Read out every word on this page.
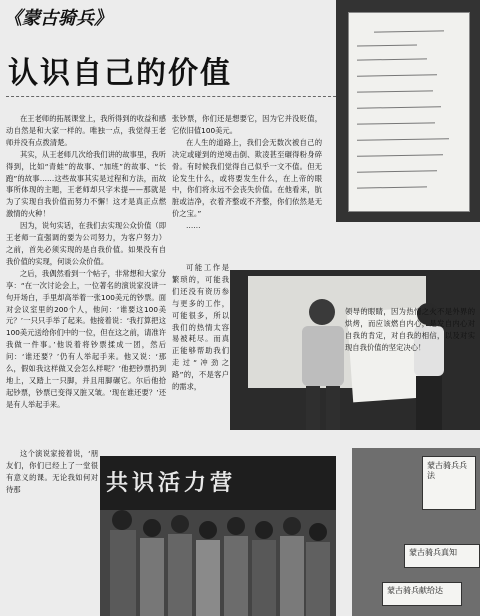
《蒙古骑兵》
认识自己的价值

在王老师的拓展课堂上，我所得到的收益和感动自然是和大家一样的。唯独一点，我觉得王老师并没有点拨清楚。

其实，从王老师几次给我们讲的故事里，我听得到，比如“青蛙”的故事、“加班”的故事、“长跑”的故事……这些故事其实是过程和方法，而故事所体现的主题，王老师却只字未提——那就是为了实现自我价值而努力不懈！这才是真正点燃激情的火种！

因为，说句实话，在我们去实现公众价值（即王老师一直强调的要为公司努力，为客户努力）之前，首先必须实现的是自我价值。如果没有自我价值的实现，何谈公众价值。

之后，我偶然看到一个帖子，非常想和大家分享：“在一次讨论会上，一位著名的演说家没讲一句开场白，手里却高举着一张100美元的钞票。面对会议室里的200个人，他问：‘谁要这100美元？’一只只手举了起来。他接着说：‘我打算把这100美元送给你们中的一位，但在这之前，请准许我做一件事。’他说着将钞票揉成一团，然后问：‘谁还要？’仍有人举起手来。他又说：‘那么，假如我这样做又会怎么样呢？’他把钞票扔到地上，又踏上一只脚，并且用脚碾它。尔后他拾起钞票，钞票已变得又脏又皱。‘现在谁还要？’还是有人举起手来。

张钞票，你们还是想要它，因为它并没贬值，它依旧值100美元。

在人生的道路上，我们会无数次被自己的决定或碰到的逆境击倒、欺凌甚至碾得粉身碎骨。有时候我们觉得自己似乎一文不值。但无论发生什么，或将要发生什么，在上帝的眼中，你们将永远不会丧失价值。在他看来，肮脏或洁净，衣着齐整或不齐整，你们依然是无价之宝。”

……

可能工作是繁琐的，可能我们还没有资历参与更多的工作，可能很多，所以我们的热情太容易被耗尽。而真正能够帮助我们走过“冲劲之路”的，不是客户的需求，

领导的眼睛，因为热情之火不是外界的烘烤，而应该燃自内心，是发自内心对自我的肯定，对自我的相信，以及对实现自我价值的坚定决心！

这个演说家接着说，‘朋友们，你们已经上了一堂很有意义的课。无论我如何对待那	共识活力营
蒙古骑兵兵法
蒙古骑兵真知
蒙古骑兵献给达
